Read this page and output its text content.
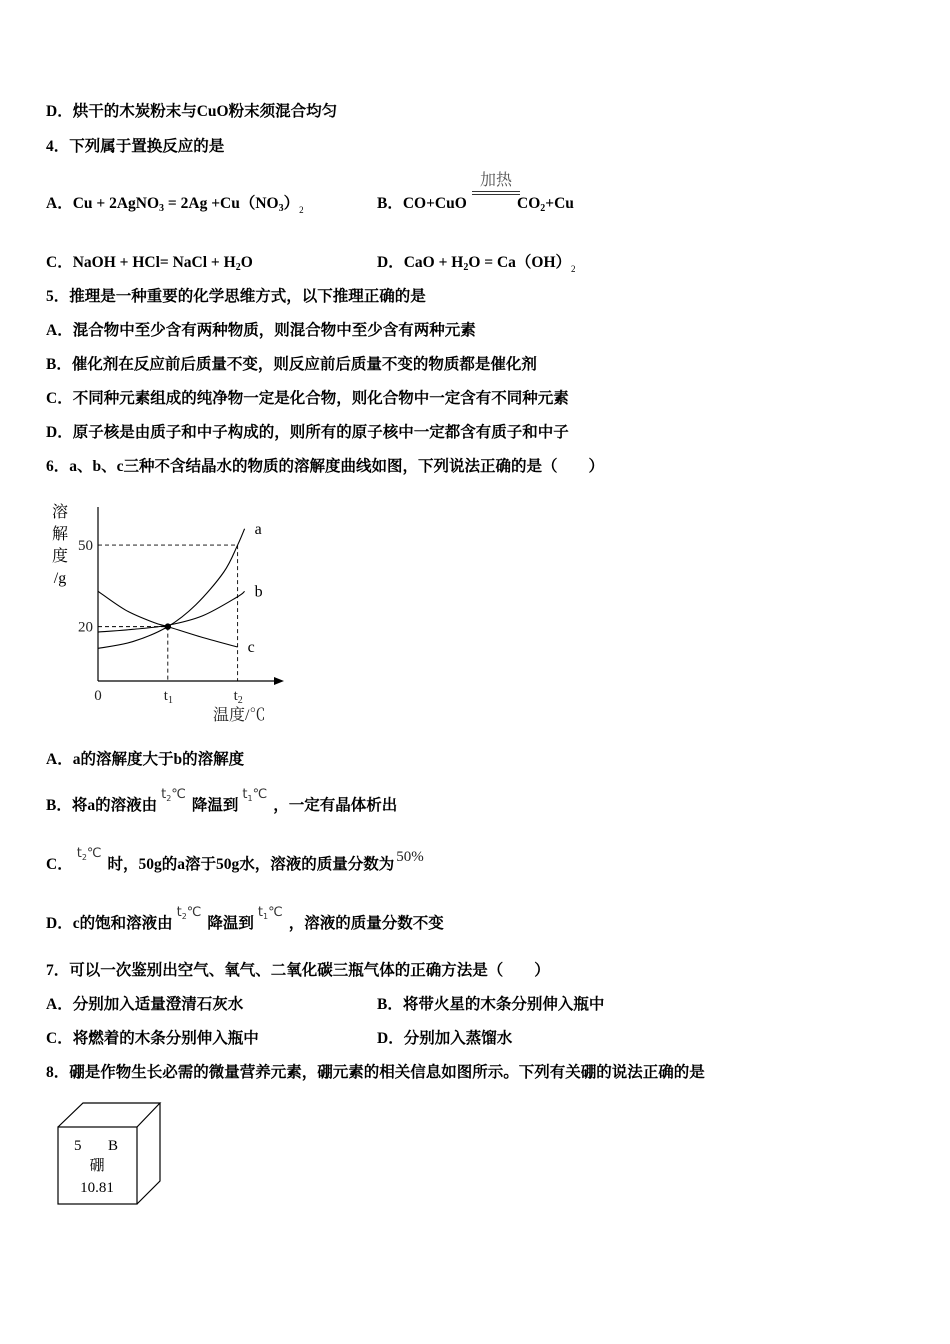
D．烘干的木炭粉末与CuO粉末须混合均匀
4．下列属于置换反应的是
A．Cu + 2AgNO$_3$ = $2Ag +Cu(NO_3)_2$	B．CO+CuO
加热
$CO_2+Cu$
C．NaOH + HCl= NaCl + $H_2O$	D．CaO + $H_2O = Ca(OH)_2$
5．推理是一种重要的化学思维方式，以下推理正确的是
A．混合物中至少含有两种物质，则混合物中至少含有两种元素
B．催化剂在反应前后质量不变，则反应前后质量不变的物质都是催化剂
C．不同种元素组成的纯净物一定是化合物，则化合物中一定含有不同种元素
D．原子核是由质子和中子构成的，则所有的原子核中一定都含有质子和中子
6．a、b、c三种不含结晶水的物质的溶解度曲线如图，下列说法正确的是（　　）
溶
解
度
/g
a
b
c
50
20
0	$t_1$	$t_2$
温度/℃
A．a的溶解度大于b的溶解度
B．将a的溶液由$t_2℃$降温到$t_1℃$，一定有晶体析出
C．$t_2℃$时，50g的a溶于50g水，溶液的质量分数为 50%
D．c的饱和溶液由$t_2℃$降温到$t_1℃$，溶液的质量分数不变
7．可以一次鉴别出空气、氧气、二氧化碳三瓶气体的正确方法是（　　）
A．分别加入适量澄清石灰水	B．将带火星的木条分别伸入瓶中
C．将燃着的木条分别伸入瓶中	D．分别加入蒸馏水
8．硼是作物生长必需的微量营养元素，硼元素的相关信息如图所示。下列有关硼的说法正确的是
5 B
硼
10.81
